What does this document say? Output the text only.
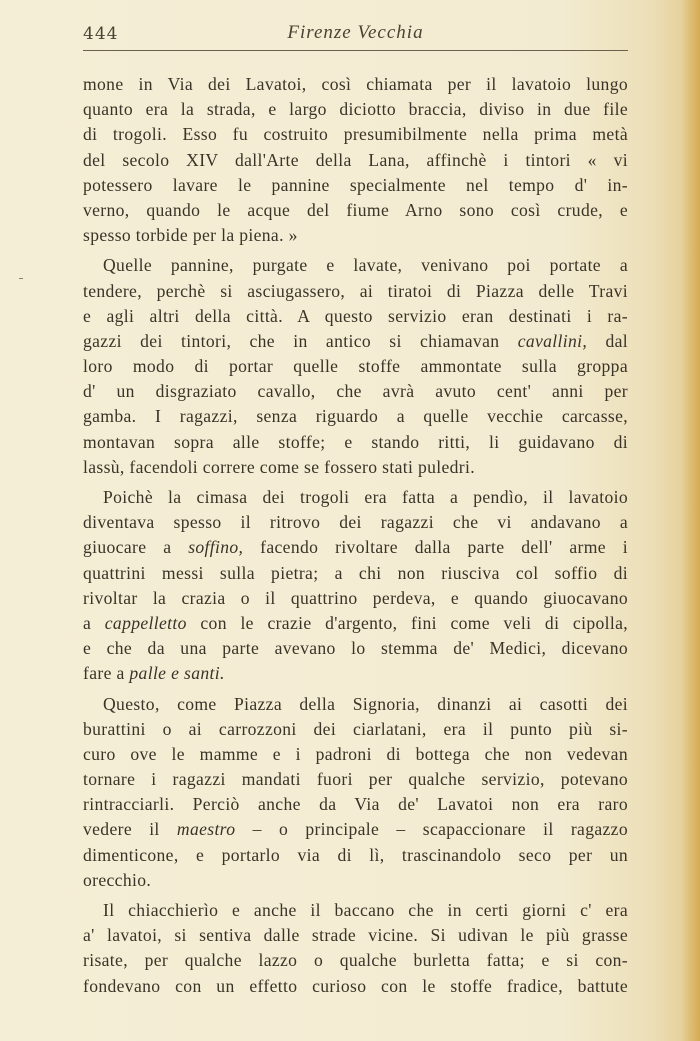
444	Firenze Vecchia
mone in Via dei Lavatoi, così chiamata per il lavatoio lungo
quanto era la strada, e largo diciotto braccia, diviso in due file
di trogoli. Esso fu costruito presumibilmente nella prima metà
del secolo XIV dall'Arte della Lana, affinchè i tintori « vi
potessero lavare le pannine specialmente nel tempo d' in-
verno, quando le acque del fiume Arno sono così crude, e
spesso torbide per la piena. »
Quelle pannine, purgate e lavate, venivano poi portate a
tendere, perchè si asciugassero, ai tiratoi di Piazza delle Travi
e agli altri della città. A questo servizio eran destinati i ra-
gazzi dei tintori, che in antico si chiamavan cavallini, dal
loro modo di portar quelle stoffe ammontate sulla groppa
d' un disgraziato cavallo, che avrà avuto cent' anni per
gamba. I ragazzi, senza riguardo a quelle vecchie carcasse,
montavan sopra alle stoffe; e stando ritti, li guidavano di
lassù, facendoli correre come se fossero stati puledri.
Poichè la cimasa dei trogoli era fatta a pendìo, il lavatoio
diventava spesso il ritrovo dei ragazzi che vi andavano a
giuocare a soffino, facendo rivoltare dalla parte dell' arme i
quattrini messi sulla pietra; a chi non riusciva col soffio di
rivoltar la crazia o il quattrino perdeva, e quando giuocavano
a cappelletto con le crazie d'argento, fini come veli di cipolla,
e che da una parte avevano lo stemma de' Medici, dicevano
fare a palle e santi.
Questo, come Piazza della Signoria, dinanzi ai casotti dei
burattini o ai carrozzoni dei ciarlatani, era il punto più si-
curo ove le mamme e i padroni di bottega che non vedevan
tornare i ragazzi mandati fuori per qualche servizio, potevano
rintracciarli. Perciò anche da Via de' Lavatoi non era raro
vedere il maestro – o principale – scapaccionare il ragazzo
dimenticone, e portarlo via di lì, trascinandolo seco per un
orecchio.
Il chiacchierìo e anche il baccano che in certi giorni c' era
a' lavatoi, si sentiva dalle strade vicine. Si udivan le più grasse
risate, per qualche lazzo o qualche burletta fatta; e si con-
fondevano con un effetto curioso con le stoffe fradice, battute
